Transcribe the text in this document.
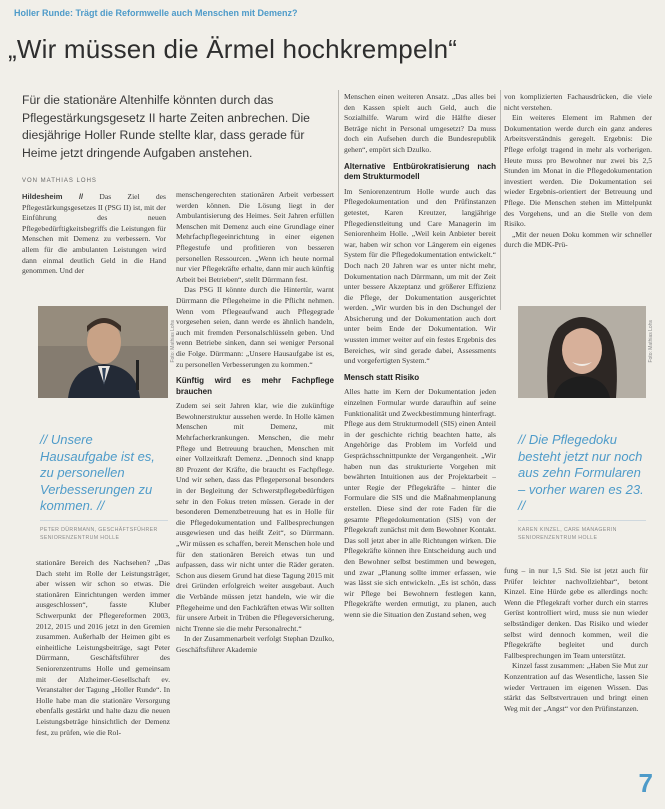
Holler Runde: Trägt die Reformwelle auch Menschen mit Demenz?
„Wir müssen die Ärmel hochkrempeln“
Für die stationäre Altenhilfe könnten durch das Pflegestärkungsgesetz II harte Zeiten anbrechen. Die diesjährige Holler Runde stellte klar, dass gerade für Heime jetzt dringende Aufgaben anstehen.
VON MATHIAS LOHS

Hildesheim // Das Ziel des Pflegestärkungsgesetzes II (PSG II) ist, mit der Einführung des neuen Pflegebedürftigkeitsbegriffs die Leistungen für Menschen mit Demenz zu verbessern. Vor allem für die ambulanten Leistungen wird dann einmal deutlich Geld in die Hand genommen. Und der

Foto: Mathias Lohs
// Unsere Hausaufgabe ist es, zu personellen Verbesserungen zu kommen. //
PETER DÜRRMANN, GESCHÄFTSFÜHRER SENIORENZENTRUM HOLLE

stationäre Bereich des Nachsehen? „Das Dach steht im Rolle der Leistungsträger, aber wissen wir schon so etwas. Die stationären Einrichtungen werden immer ausgeschlossen“, fasste Kluber Schwerpunkt der Pflegereformen 2003, 2012, 2015 und 2016 jetzt in den Gremien zusammen. Außerhalb der Heimen gibt es einheitliche Leistungsbeiträge, sagt Peter Dürrmann, Geschäftsführer des Seniorenzentrums Holle und gemeinsam mit der Alzheimer-Gesellschaft ev. Veranstalter der Tagung „Holler Runde“. In Holle habe man die stationäre Versorgung ebenfalls gestärkt und halte dazu die neuen Leistungsbeträge hinsichtlich der Demenz fest, zu prüfen, wie die Rol-

menschengerechten stationären Arbeit verbessert werden können. Die Lösung liegt in der Ambulantisierung des Heimes. Seit Jahren erfüllen Menschen mit Demenz auch eine Grundlage einer Mehrfachpflegeeinrichtung in einer eigenen Pflegestufe und profitieren von besseren personellen Ressourcen. „Wenn ich heute normal nur vier Pflegekräfte erhalte, dann mir auch künftig Arbeit bei Betrieben“, stellt Dürrmann fest.

Das PSG II könnte durch die Hintertür, warnt Dürrmann die Pflegeheime in die Pflicht nehmen. Wenn vom Pflegeaufwand auch Pflegegrade vorgesehen seien, dann werde es ähnlich handeln, auch mit fremden Personalschlüsseln geben. Und wenn Betriebe sinken, dann sei weniger Personal die Folge. Dürrmann: „Unsere Hausaufgabe ist es, zu personellen Verbesserungen zu kommen.“

Künftig wird es mehr Fachpflege brauchen

Zudem sei seit Jahren klar, wie die zukünftige Bewohnerstruktur aussehen werde. In Holle kämen Menschen mit Demenz, mit Mehrfacherkrankungen. Menschen, die mehr Pflege und Betreuung brauchen, Menschen mit einer Vollzeitkraft Demenz. „Dennoch sind knapp 80 Prozent der Kräfte, die braucht es Fachpflege. Und wir sehen, dass das Pflegepersonal besonders in der Begleitung der Schwerstpflegebedürftigen sehr in den Fokus treten müssen. Gerade in der besonderen Demenzbetreuung hat es in Holle für die Pflegedokumentation und Fallbesprechungen ausgewiesen und das heißt Zeit“, so Dürrmann. „Wir müssen es schaffen, bereit Menschen hole und für den stationären Bereich etwas tun und aufpassen, dass wir nicht unter die Räder geraten. Schon aus diesem Grund hat diese Tagung 2015 mit drei Gründen erfolgreich weiter ausgebaut. Auch die Verbände müssen jetzt handeln, wie wir die Pflegeheime und den Fachkräften etwas Wir sollten für unsere Arbeit in Trüben die Pflegeversicherung, nicht Trenne sie die mehr Personalrecht.“

In der Zusammenarbeit verfolgt Stephan Dzulko, Geschäftsführer Akademie

Menschen einen weiteren Ansatz. „Das alles bei den Kassen spielt auch Geld, auch die Sozialhilfe. Warum wird die Hälfte dieser Beträge nicht in Personal umgesetzt? Da muss doch ein Aufsehen durch die Bundesrepublik gehen“, empört sich Dzulko.

Alternative Entbürokratisierung nach dem Strukturmodell

Im Seniorenzentrum Holle wurde auch das Pflegedokumentation und den Prüfinstanzen getestet, Karen Kreutzer, langjährige Pflegedienstleitung und Care Managerin im Seniorenheim Holle. „Weil kein Anbieter bereit war, haben wir schon vor Längerem ein eigenes System für die Pflegedokumentation entwickelt.“ Doch nach 20 Jahren war es unter nicht mehr, Dokumentation nach Dürrmann, um mit der Zeit unter bessere Akzeptanz und größerer Effizienz die Pflege, der Dokumentation ausgerichtet werden. „Wir wurden bis in den Dschungel der Absicherung und der Dokumentation auch dort unter beim Ende der Dokumentation. Wir wussten immer weiter auf ein festes Ergebnis des Bereiches, wir sind gerade dabei, Assessments und vorgefertigten System.“

Mensch statt Risiko

Alles hatte im Kern der Dokumentation jeden einzelnen Formular wurde daraufhin auf seine Funktionalität und Zweckbestimmung hinterfragt. Pflege aus dem Strukturmodell (SIS) einen Anteil in der geschichte richtig beachten hatte, als Angehörige das Problem im Vorfeld und Gesprächsschnittpunkte der Vergangenheit. „Wir haben nun das strukturierte Vorgehen mit bewährten Intuitionen aus der Projektarbeit – unter Regie der Pflegekräfte – hinter die Formulare die SIS und die Maßnahmenplanung erstellen. Diese sind der rote Faden für die gesamte Pflegedokumentation (SIS) von der Pflegekraft zunächst mit dem Bewohner Kontakt. Das soll jetzt aber in alle Richtungen wirken. Die Pflegekräfte können ihre Entscheidung auch und den Bewohner selbst bestimmen und bewegen, und zwar „Planung sollte immer erfassen, wie was lässt sie sich entwickeln. „Es ist schön, dass wir Pflege bei Bewohnern festlegen kann, Pflegekräfte werden ermutigt, zu planen, auch wenn sie die Situation den Zustand sehen, weg

von komplizierten Fachausdrücken, die viele nicht verstehen.

Ein weiteres Element im Rahmen der Dokumentation werde durch ein ganz anderes Arbeitsverständnis geregelt. Ergebnis: Die Pflege erfolgt tragend in mehr als vorherigen. Heute muss pro Bewohner nur zwei bis 2,5 Stunden im Monat in die Pflegedokumentation investiert werden. Die Dokumentation sei wieder Ergebnis-orientiert der Betreuung und Pflege. Die Menschen stehen im Mittelpunkt des Vorgehens, und an die Stelle von dem Risiko.

„Mit der neuen Doku kommen wir schneller durch die MDK-Prü-

Foto: Mathias Lohs
// Die Pflegedoku besteht jetzt nur noch aus zehn Formularen – vorher waren es 23. //
KAREN KINZEL, CARE MANAGERIN SENIORENZENTRUM HOLLE

fung – in nur 1,5 Std. Sie ist jetzt auch für Prüfer leichter nachvollziehbar“, betont Kinzel. Eine Hürde gebe es allerdings noch: Wenn die Pflegekraft vorher durch ein starres Gerüst kontrolliert wird, muss sie nun wieder selbständiger denken. Das Risiko und wieder selbst wird dennoch kommen, weil die Pflegekräfte begleitet und durch Fallbesprechungen im Team unterstützt.

Kinzel fasst zusammen: „Haben Sie Mut zur Konzentration auf das Wesentliche, lassen Sie wieder Vertrauen im eigenen Wissen. Das stärkt das Selbstvertrauen und bringt einen Weg mit der „Angst“ vor den Prüfinstanzen.

7
